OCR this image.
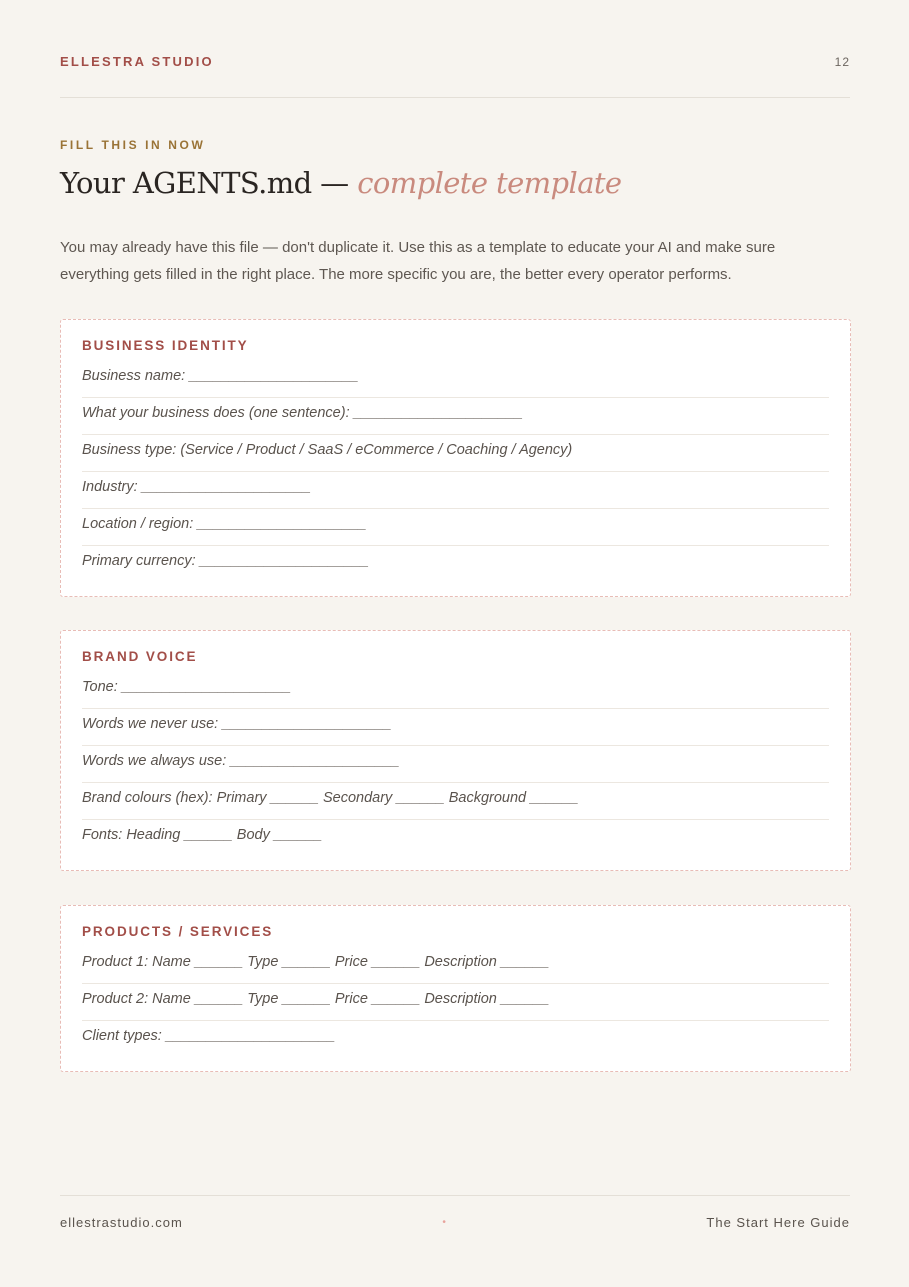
ELLESTRA STUDIO	12
FILL THIS IN NOW
Your AGENTS.md — complete template

You may already have this file — don't duplicate it. Use this as a template to educate your AI and make sure everything gets filled in the right place. The more specific you are, the better every operator performs.

BUSINESS IDENTITY
Business name: _____________________
What your business does (one sentence): _____________________
Business type: (Service / Product / SaaS / eCommerce / Coaching / Agency)
Industry: _____________________
Location / region: _____________________
Primary currency: _____________________
BRAND VOICE
Tone: _____________________
Words we never use: _____________________
Words we always use: _____________________
Brand colours (hex): Primary ______ Secondary ______ Background ______
Fonts: Heading ______ Body ______
PRODUCTS / SERVICES
Product 1: Name ______ Type ______ Price ______ Description ______
Product 2: Name ______ Type ______ Price ______ Description ______
Client types: _____________________
ellestrastudio.com	•	The Start Here Guide
